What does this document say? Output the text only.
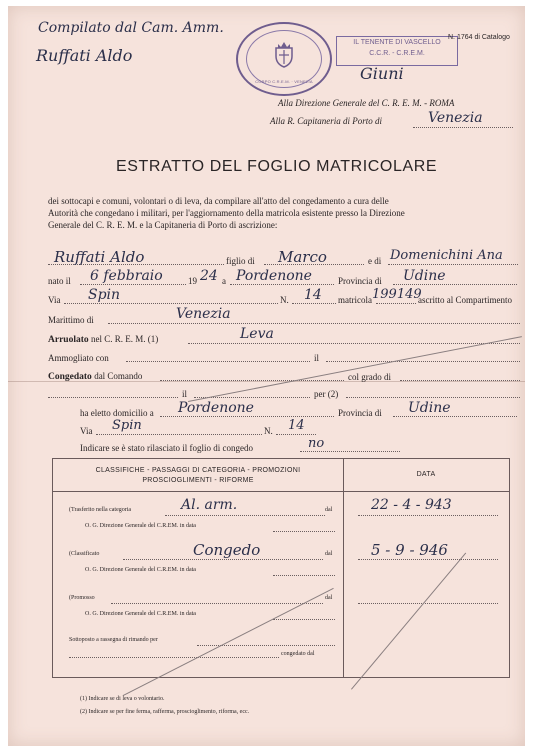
Compilato dal Cam. Amm.
Ruffati Aldo
CORPO C.R.E.M. · VENEZIA
IL TENENTE DI VASCELLO
C.C.R. - C.R.E.M.
N. 1764 di Catalogo
Giuni
Alla Direzione Generale del C. R. E. M. - ROMA
Alla R. Capitaneria di Porto di	Venezia
ESTRATTO DEL FOGLIO MATRICOLARE
dei sottocapi e comuni, volontari o di leva, da compilare all'atto del congedamento a cura delle
Autorità che congedano i militari, per l'aggiornamento della matricola esistente presso la Direzione
Generale del C. R. E. M. e la Capitaneria di Porto di ascrizione:
Ruffati Aldo	figlio di Marco	e di Domenichini Ana
nato il 6 febbraio	19 24 a Pordenone	Provincia di Udine
Via Spin	N. 14 matricola 199149
ascritto al Compartimento
Marittimo di	Venezia
Arruolato nel C. R. E. M. (1)	Leva
Ammogliato con	il
Congedato dal Comando	col grado di
il	per (2)
ha eletto domicilio a Pordenone	Provincia di Udine
CLASSIFICHE - PASSAGGI DI CATEGORIA - PROMOZIONI
PROSCIOGLIMENTI - RIFORME
DATA
(Trasferito nella categoria	Al. arm.	dal
O. G. Direzione Generale del C.R.EM. in data
22 - 4 - 943
(Classificato	Congedo	dal
O. G. Direzione Generale del C.R.EM. in data
5 - 9 - 946
(Promosso	dal
O. G. Direzione Generale del C.R.EM. in data
Sottoposto a rassegna di rimando per
congedato dal
Via Spin	N. 14
Indicare se è stato rilasciato il foglio di congedo	no
(1) Indicare se di leva o volontario.
(2) Indicare se per fine ferma, rafferma, proscioglimento, riforma, ecc.
